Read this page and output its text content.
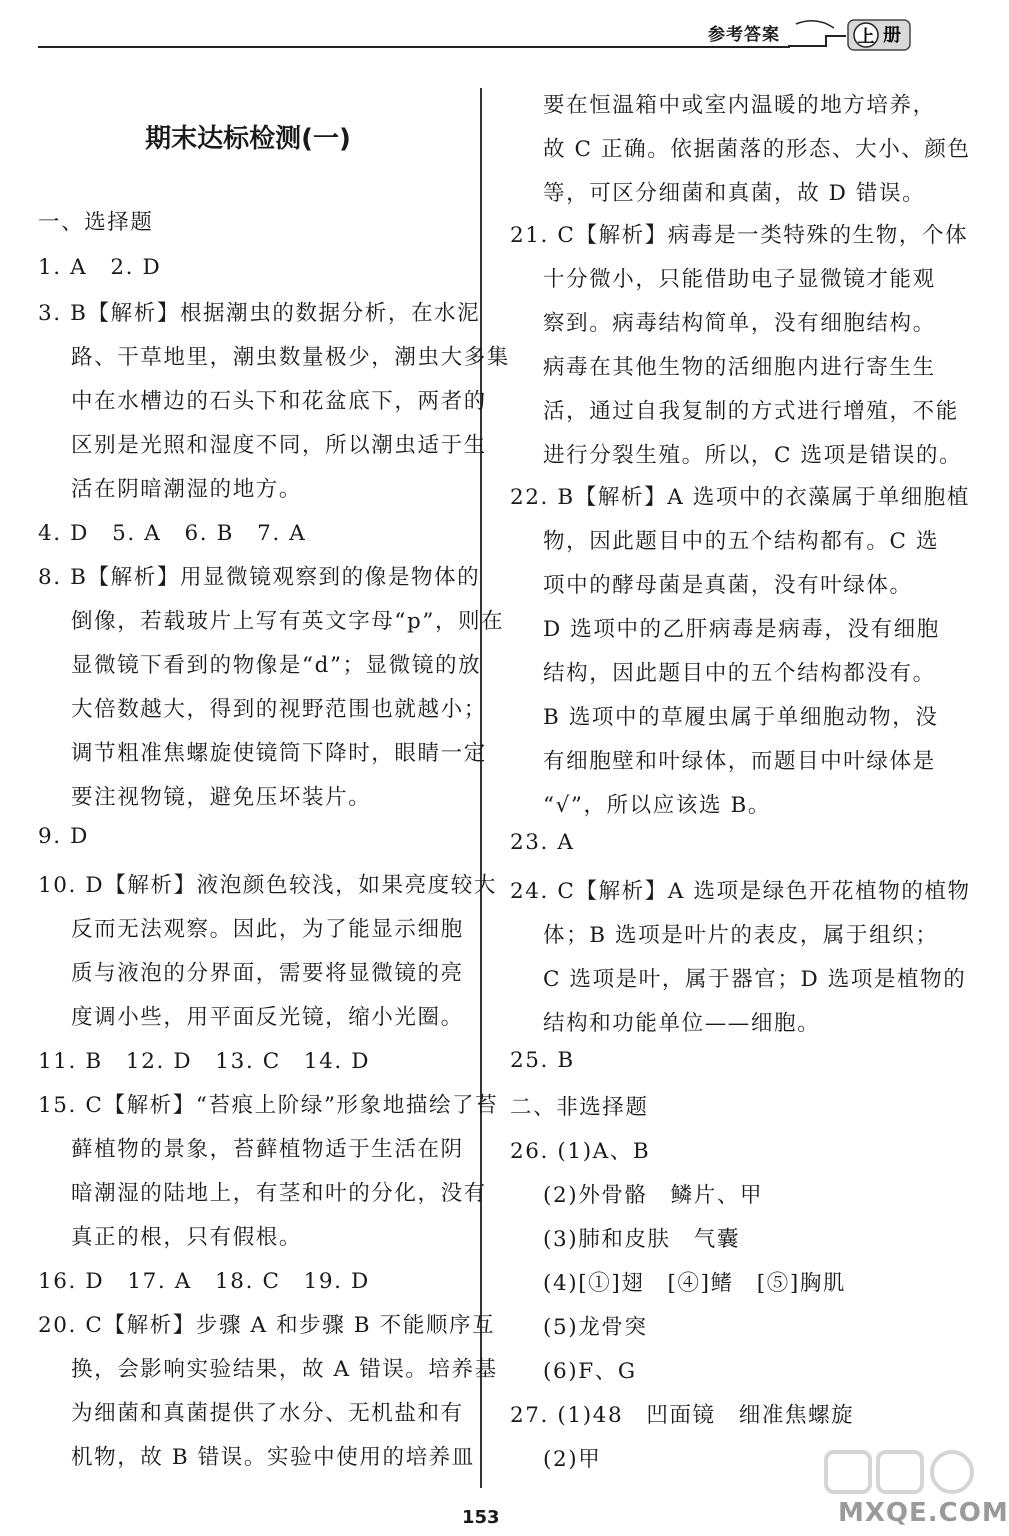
参考答案	上 册
期末达标检测(一)
一、选择题
1. A　2. D
3. B【解析】根据潮虫的数据分析，在水泥
路、干草地里，潮虫数量极少，潮虫大多集
中在水槽边的石头下和花盆底下，两者的
区别是光照和湿度不同，所以潮虫适于生
活在阴暗潮湿的地方。
4. D　5. A　6. B　7. A
8. B【解析】用显微镜观察到的像是物体的
倒像，若载玻片上写有英文字母“p”，则在
显微镜下看到的物像是“d”；显微镜的放
大倍数越大，得到的视野范围也就越小；
调节粗准焦螺旋使镜筒下降时，眼睛一定
要注视物镜，避免压坏装片。
9. D
10. D【解析】液泡颜色较浅，如果亮度较大
反而无法观察。因此，为了能显示细胞
质与液泡的分界面，需要将显微镜的亮
度调小些，用平面反光镜，缩小光圈。
11. B　12. D　13. C　14. D
15. C【解析】“苔痕上阶绿”形象地描绘了苔
藓植物的景象，苔藓植物适于生活在阴
暗潮湿的陆地上，有茎和叶的分化，没有
真正的根，只有假根。
16. D　17. A　18. C　19. D
20. C【解析】步骤 A 和步骤 B 不能顺序互
换，会影响实验结果，故 A 错误。培养基
为细菌和真菌提供了水分、无机盐和有
机物，故 B 错误。实验中使用的培养皿
要在恒温箱中或室内温暖的地方培养，
故 C 正确。依据菌落的形态、大小、颜色
等，可区分细菌和真菌，故 D 错误。
21. C【解析】病毒是一类特殊的生物，个体
十分微小，只能借助电子显微镜才能观
察到。病毒结构简单，没有细胞结构。
病毒在其他生物的活细胞内进行寄生生
活，通过自我复制的方式进行增殖，不能
进行分裂生殖。所以，C 选项是错误的。
22. B【解析】A 选项中的衣藻属于单细胞植
物，因此题目中的五个结构都有。C 选
项中的酵母菌是真菌，没有叶绿体。
D 选项中的乙肝病毒是病毒，没有细胞
结构，因此题目中的五个结构都没有。
B 选项中的草履虫属于单细胞动物，没
有细胞壁和叶绿体，而题目中叶绿体是
“√”，所以应该选 B。
23. A
24. C【解析】A 选项是绿色开花植物的植物
体；B 选项是叶片的表皮，属于组织；
C 选项是叶，属于器官；D 选项是植物的
结构和功能单位——细胞。
25. B
二、非选择题
26. (1)A、B
(2)外骨骼　鳞片、甲
(3)肺和皮肤　气囊
(4)[①]翅　[④]鳍　[⑤]胸肌
(5)龙骨突
(6)F、G
27. (1)48　凹面镜　细准焦螺旋
(2)甲
153	MXQE.COM
